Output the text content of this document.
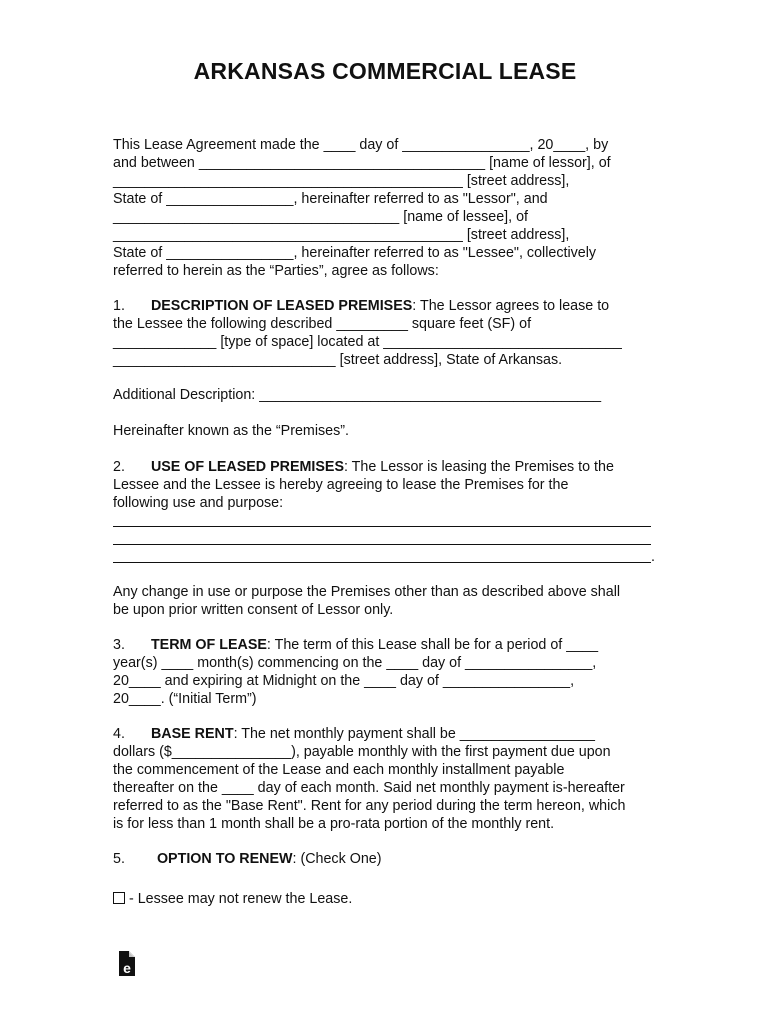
ARKANSAS COMMERCIAL LEASE
This Lease Agreement made the ____ day of ________________, 20____, by
and between ____________________________________ [name of lessor], of
____________________________________________ [street address],
State of ________________, hereinafter referred to as "Lessor", and
____________________________________ [name of lessee], of
____________________________________________ [street address],
State of ________________, hereinafter referred to as "Lessee", collectively
referred to herein as the “Parties”, agree as follows:
1. DESCRIPTION OF LEASED PREMISES: The Lessor agrees to lease to
the Lessee the following described _________ square feet (SF) of
_____________ [type of space] located at ______________________________
____________________________ [street address], State of Arkansas.
Additional Description: ___________________________________________
Hereinafter known as the “Premises”.
2. USE OF LEASED PREMISES: The Lessor is leasing the Premises to the
Lessee and the Lessee is hereby agreeing to lease the Premises for the
following use and purpose:
.
Any change in use or purpose the Premises other than as described above shall
be upon prior written consent of Lessor only.
3. TERM OF LEASE: The term of this Lease shall be for a period of ____
year(s) ____ month(s) commencing on the ____ day of ________________,
20____ and expiring at Midnight on the ____ day of ________________,
20____. (“Initial Term”)
4. BASE RENT: The net monthly payment shall be _________________
dollars ($_______________), payable monthly with the first payment due upon
the commencement of the Lease and each monthly installment payable
thereafter on the ____ day of each month. Said net monthly payment is-hereafter
referred to as the "Base Rent". Rent for any period during the term hereon, which
is for less than 1 month shall be a pro-rata portion of the monthly rent.
5. OPTION TO RENEW: (Check One)
- Lessee may not renew the Lease.
e
